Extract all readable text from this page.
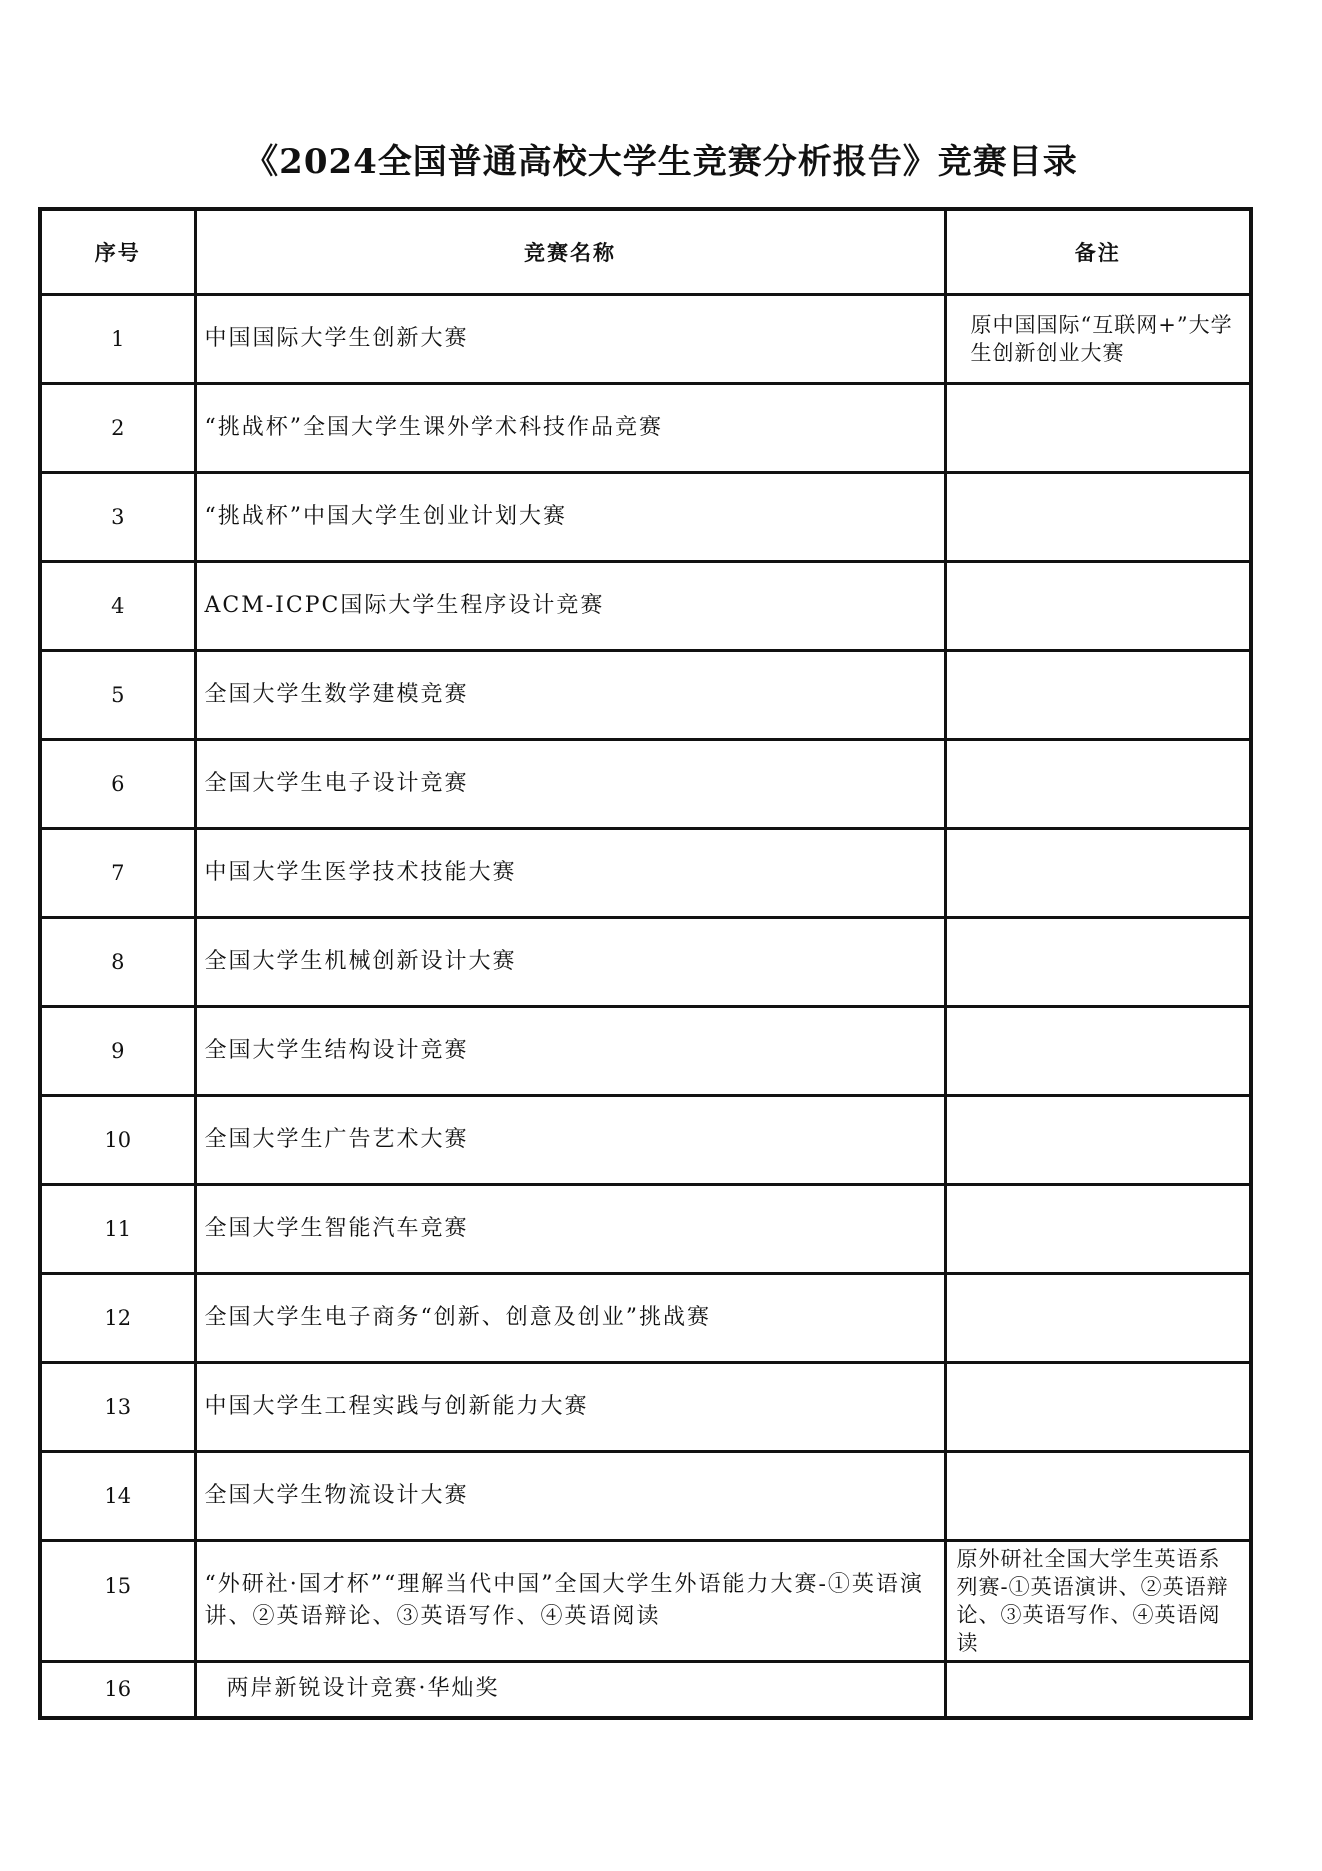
《2024全国普通高校大学生竞赛分析报告》竞赛目录
序号	竞赛名称	备注
1	中国国际大学生创新大赛	原中国国际“互联网+”大学生创新创业大赛
2	“挑战杯”全国大学生课外学术科技作品竞赛	
3	“挑战杯”中国大学生创业计划大赛	
4	ACM-ICPC国际大学生程序设计竞赛	
5	全国大学生数学建模竞赛	
6	全国大学生电子设计竞赛	
7	中国大学生医学技术技能大赛	
8	全国大学生机械创新设计大赛	
9	全国大学生结构设计竞赛	
10	全国大学生广告艺术大赛	
11	全国大学生智能汽车竞赛	
12	全国大学生电子商务“创新、创意及创业”挑战赛	
13	中国大学生工程实践与创新能力大赛	
14	全国大学生物流设计大赛	
15	“外研社·国才杯”“理解当代中国”全国大学生外语能力大赛-①英语演讲、②英语辩论、③英语写作、④英语阅读	原外研社全国大学生英语系列赛-①英语演讲、②英语辩论、③英语写作、④英语阅读
16	两岸新锐设计竞赛·华灿奖	
